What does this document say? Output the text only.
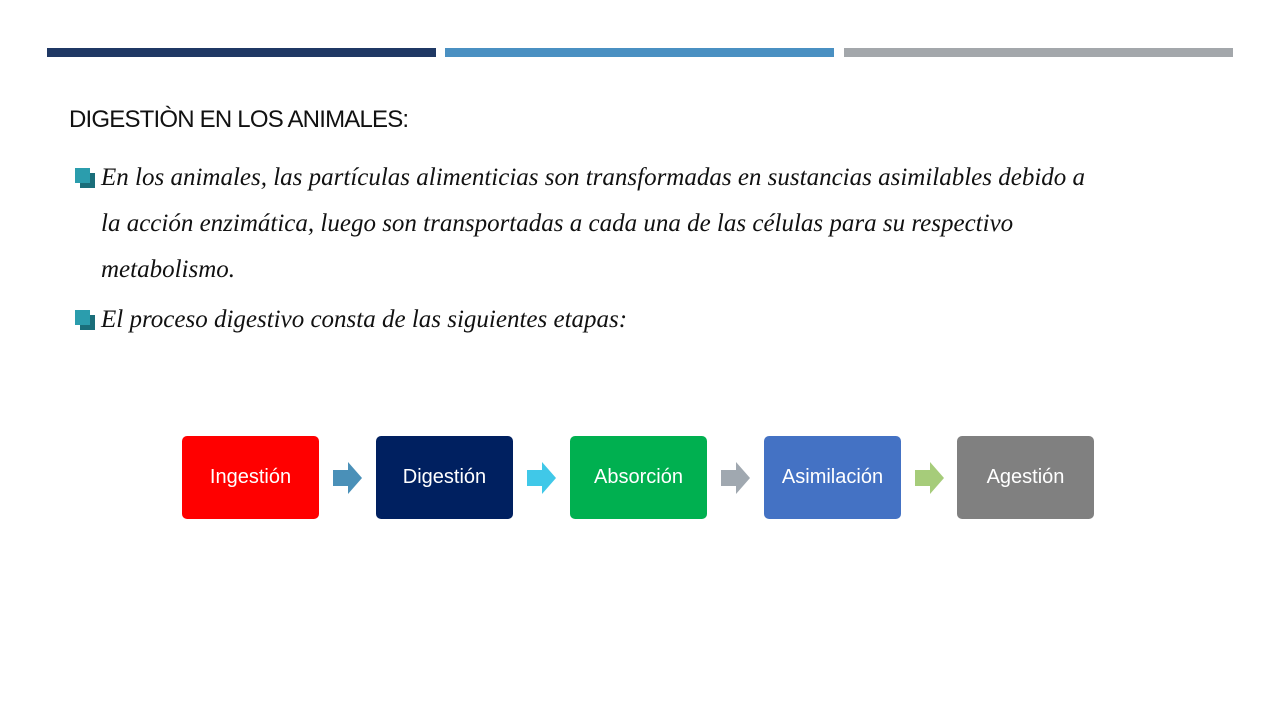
DIGESTIÒN EN LOS ANIMALES:
En los animales, las partículas alimenticias son transformadas en sustancias asimilables debido a
la acción enzimática, luego son transportadas a cada una de las células para su respectivo
metabolismo.
El proceso digestivo consta de las siguientes etapas:
Ingestión	Digestión	Absorción	Asimilación	Agestión
